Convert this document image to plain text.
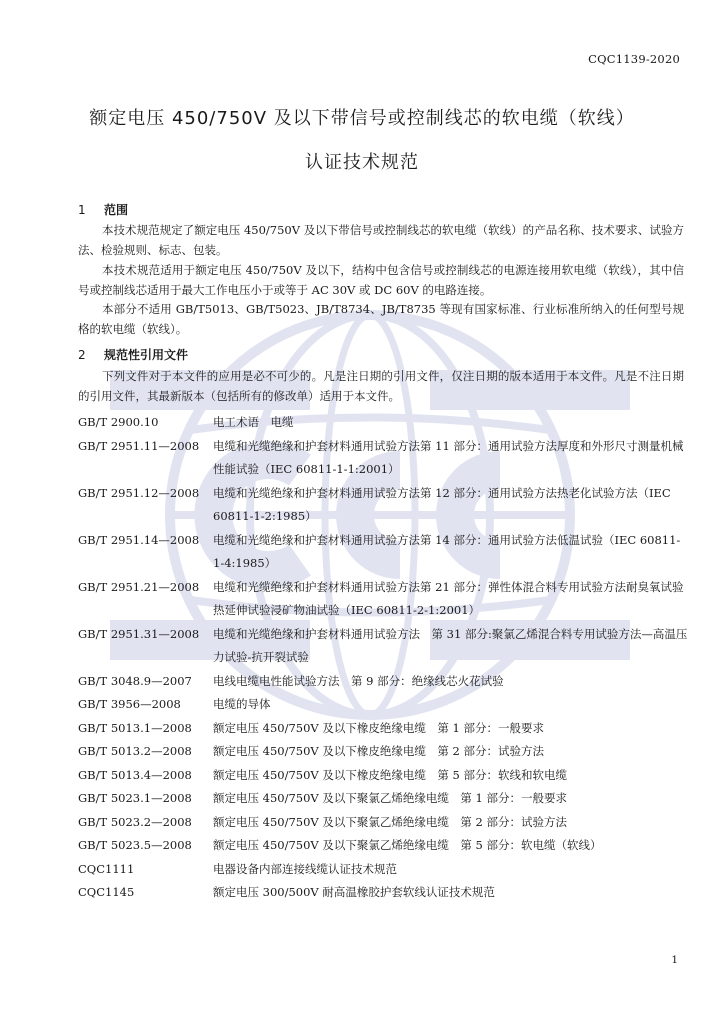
CQC1139-2020
额定电压 450/750V 及以下带信号或控制线芯的软电缆（软线）
认证技术规范
1 范围
本技术规范规定了额定电压 450/750V 及以下带信号或控制线芯的软电缆（软线）的产品名称、技术要求、试验方法、检验规则、标志、包装。
本技术规范适用于额定电压 450/750V 及以下，结构中包含信号或控制线芯的电源连接用软电缆（软线），其中信号或控制线芯适用于最大工作电压小于或等于 AC 30V 或 DC 60V 的电路连接。
本部分不适用 GB/T5013、GB/T5023、JB/T8734、JB/T8735 等现有国家标准、行业标准所纳入的任何型号规格的软电缆（软线）。
2 规范性引用文件
下列文件对于本文件的应用是必不可少的。凡是注日期的引用文件，仅注日期的版本适用于本文件。凡是不注日期的引用文件，其最新版本（包括所有的修改单）适用于本文件。
GB/T 2900.10	电工术语　电缆
GB/T 2951.11—2008	电缆和光缆绝缘和护套材料通用试验方法第 11 部分：通用试验方法厚度和外形尺寸测量机械性能试验（IEC 60811-1-1:2001）
GB/T 2951.12—2008	电缆和光缆绝缘和护套材料通用试验方法第 12 部分：通用试验方法热老化试验方法（IEC 60811-1-2:1985）
GB/T 2951.14—2008	电缆和光缆绝缘和护套材料通用试验方法第 14 部分：通用试验方法低温试验（IEC 60811-1-4:1985）
GB/T 2951.21—2008	电缆和光缆绝缘和护套材料通用试验方法第 21 部分：弹性体混合料专用试验方法耐臭氧试验热延伸试验浸矿物油试验（IEC 60811-2-1:2001）
GB/T 2951.31—2008	电缆和光缆绝缘和护套材料通用试验方法　第 31 部分:聚氯乙烯混合料专用试验方法—高温压力试验-抗开裂试验
GB/T 3048.9—2007	电线电缆电性能试验方法　第 9 部分：绝缘线芯火花试验
GB/T 3956—2008	电缆的导体
GB/T 5013.1—2008	额定电压 450/750V 及以下橡皮绝缘电缆　第 1 部分：一般要求
GB/T 5013.2—2008	额定电压 450/750V 及以下橡皮绝缘电缆　第 2 部分：试验方法
GB/T 5013.4—2008	额定电压 450/750V 及以下橡皮绝缘电缆　第 5 部分：软线和软电缆
GB/T 5023.1—2008	额定电压 450/750V 及以下聚氯乙烯绝缘电缆　第 1 部分：一般要求
GB/T 5023.2—2008	额定电压 450/750V 及以下聚氯乙烯绝缘电缆　第 2 部分：试验方法
GB/T 5023.5—2008	额定电压 450/750V 及以下聚氯乙烯绝缘电缆　第 5 部分：软电缆（软线）
CQC1111	电器设备内部连接线缆认证技术规范
CQC1145	额定电压 300/500V 耐高温橡胶护套软线认证技术规范
1
